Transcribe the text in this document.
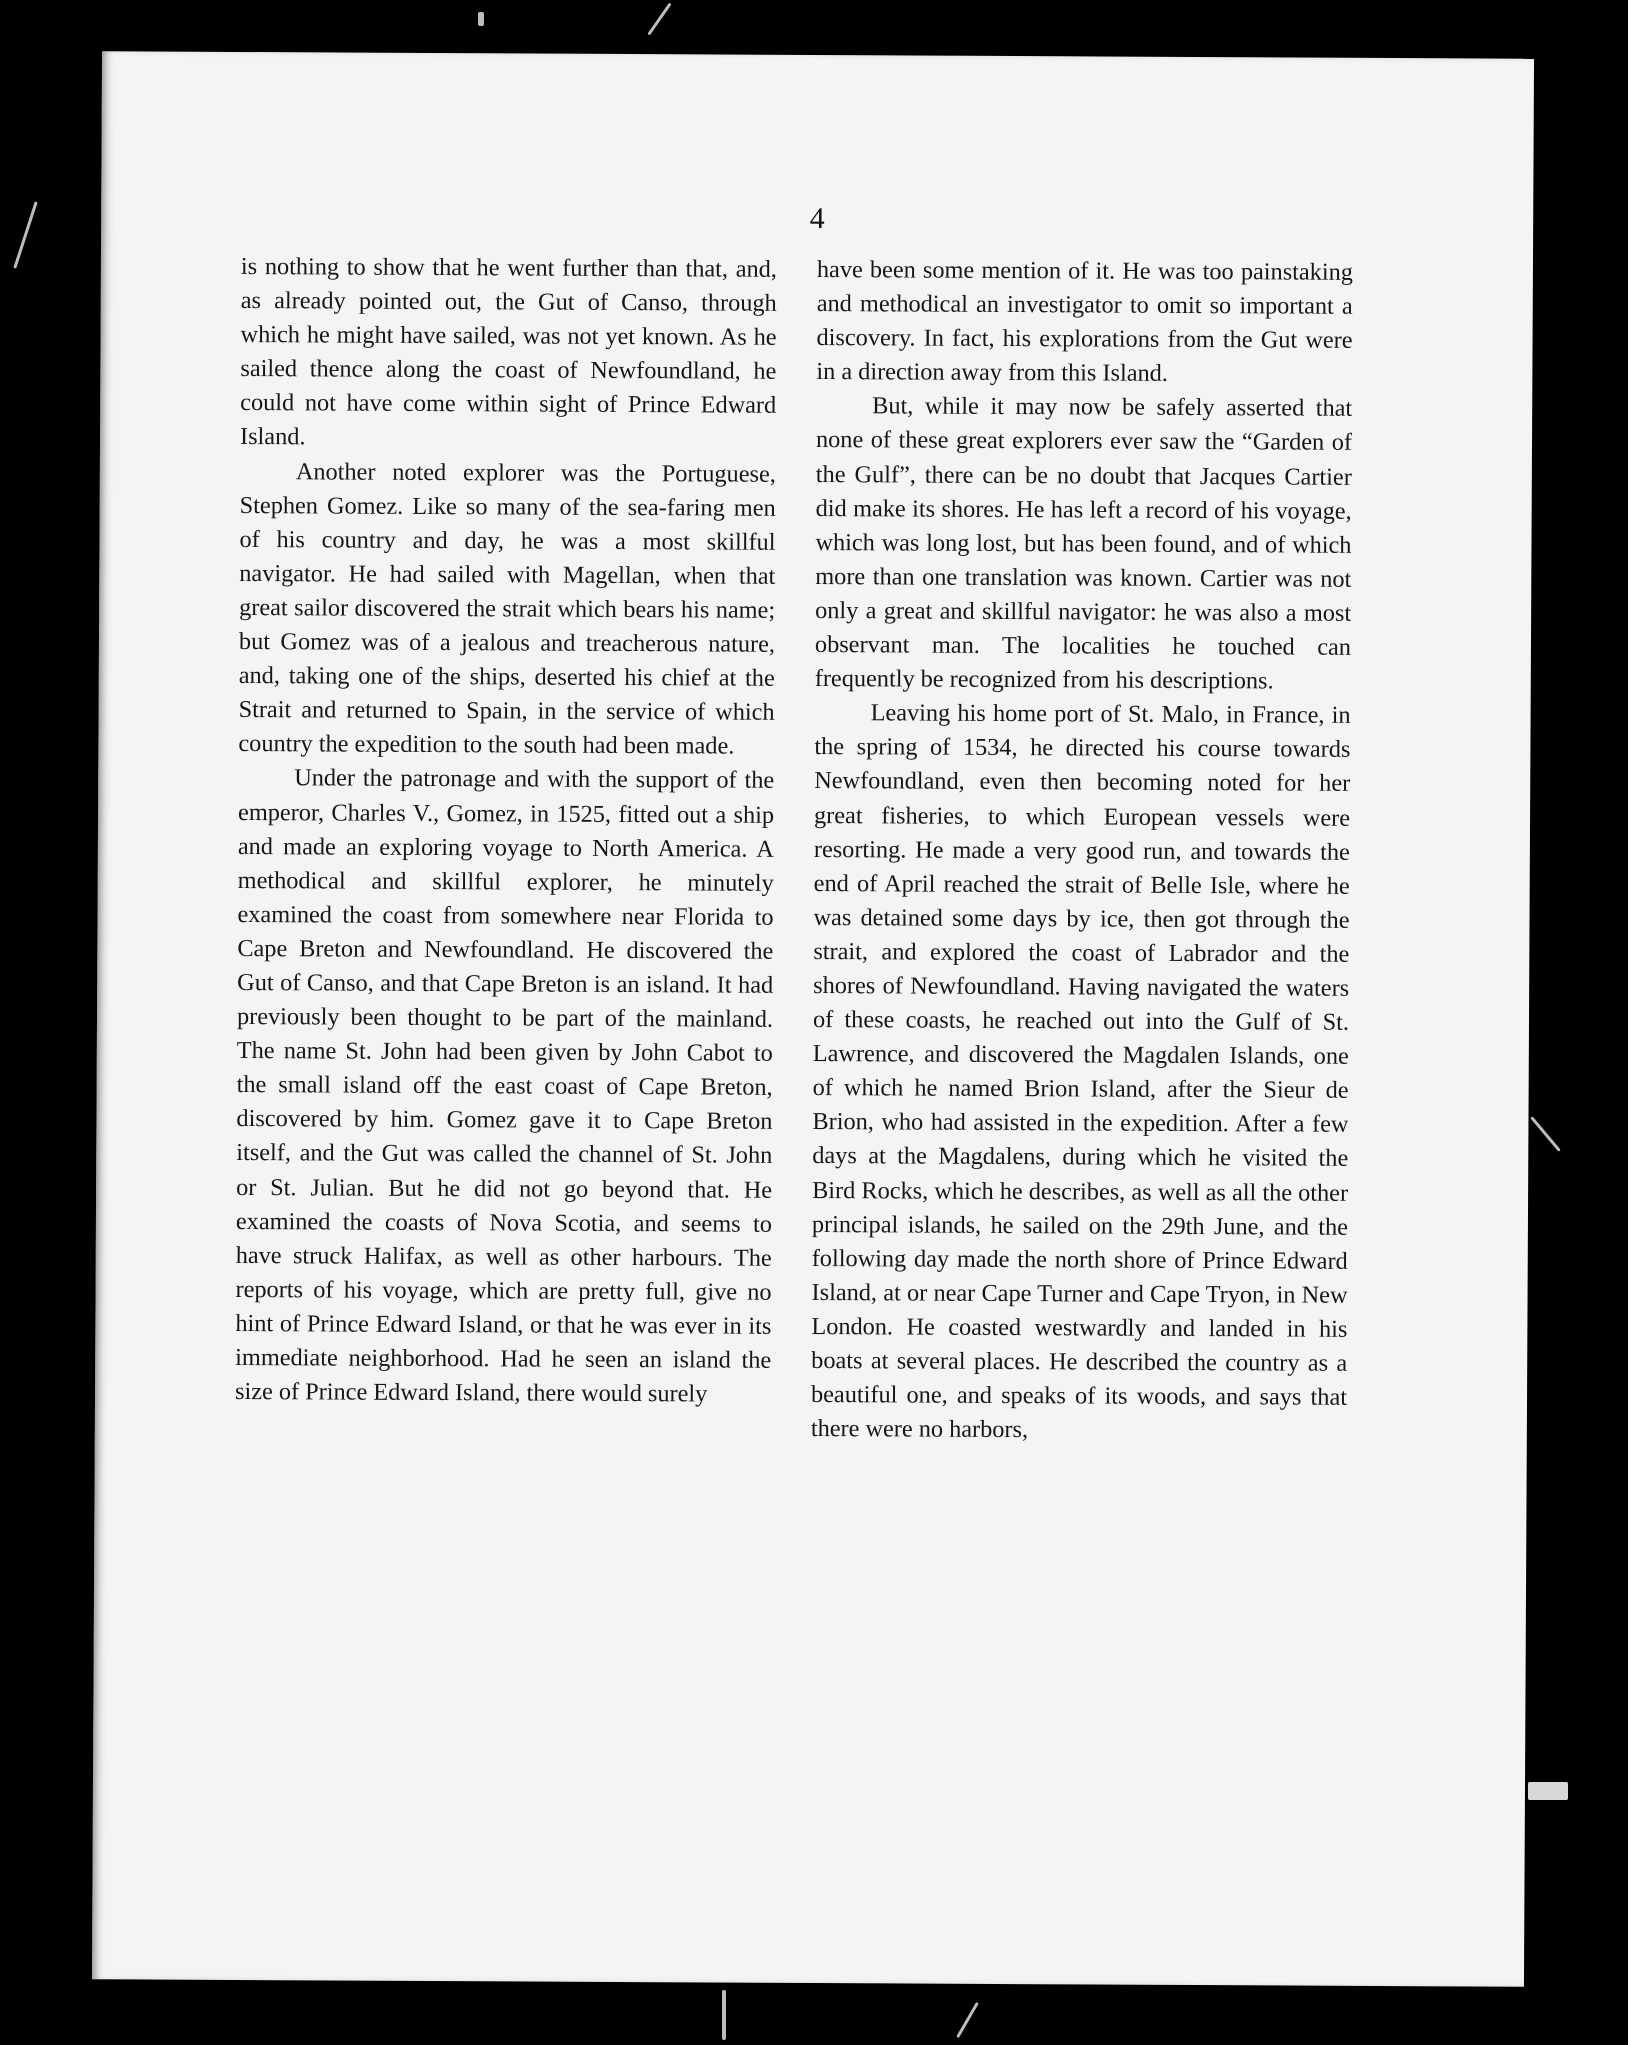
4

is nothing to show that he went further than that, and, as already pointed out, the Gut of Canso, through which he might have sailed, was not yet known. As he sailed thence along the coast of Newfoundland, he could not have come within sight of Prince Edward Island.

Another noted explorer was the Portuguese, Stephen Gomez. Like so many of the sea-faring men of his country and day, he was a most skillful navigator. He had sailed with Magellan, when that great sailor discovered the strait which bears his name; but Gomez was of a jealous and treacherous nature, and, taking one of the ships, deserted his chief at the Strait and returned to Spain, in the service of which country the expedition to the south had been made.

Under the patronage and with the support of the emperor, Charles V., Gomez, in 1525, fitted out a ship and made an exploring voyage to North America. A methodical and skillful explorer, he minutely examined the coast from somewhere near Florida to Cape Breton and Newfoundland. He discovered the Gut of Canso, and that Cape Breton is an island. It had previously been thought to be part of the mainland. The name St. John had been given by John Cabot to the small island off the east coast of Cape Breton, discovered by him. Gomez gave it to Cape Breton itself, and the Gut was called the channel of St. John or St. Julian. But he did not go beyond that. He examined the coasts of Nova Scotia, and seems to have struck Halifax, as well as other harbours. The reports of his voyage, which are pretty full, give no hint of Prince Edward Island, or that he was ever in its immediate neighborhood. Had he seen an island the size of Prince Edward Island, there would surely

have been some mention of it. He was too painstaking and methodical an investigator to omit so important a discovery. In fact, his explorations from the Gut were in a direction away from this Island.

But, while it may now be safely asserted that none of these great explorers ever saw the “Garden of the Gulf”, there can be no doubt that Jacques Cartier did make its shores. He has left a record of his voyage, which was long lost, but has been found, and of which more than one translation was known. Cartier was not only a great and skillful navigator: he was also a most observant man. The localities he touched can frequently be recognized from his descriptions.

Leaving his home port of St. Malo, in France, in the spring of 1534, he directed his course towards Newfoundland, even then becoming noted for her great fisheries, to which European vessels were resorting. He made a very good run, and towards the end of April reached the strait of Belle Isle, where he was detained some days by ice, then got through the strait, and explored the coast of Labrador and the shores of Newfoundland. Having navigated the waters of these coasts, he reached out into the Gulf of St. Lawrence, and discovered the Magdalen Islands, one of which he named Brion Island, after the Sieur de Brion, who had assisted in the expedition. After a few days at the Magdalens, during which he visited the Bird Rocks, which he describes, as well as all the other principal islands, he sailed on the 29th June, and the following day made the north shore of Prince Edward Island, at or near Cape Turner and Cape Tryon, in New London. He coasted westwardly and landed in his boats at several places. He described the country as a beautiful one, and speaks of its woods, and says that there were no harbors,
